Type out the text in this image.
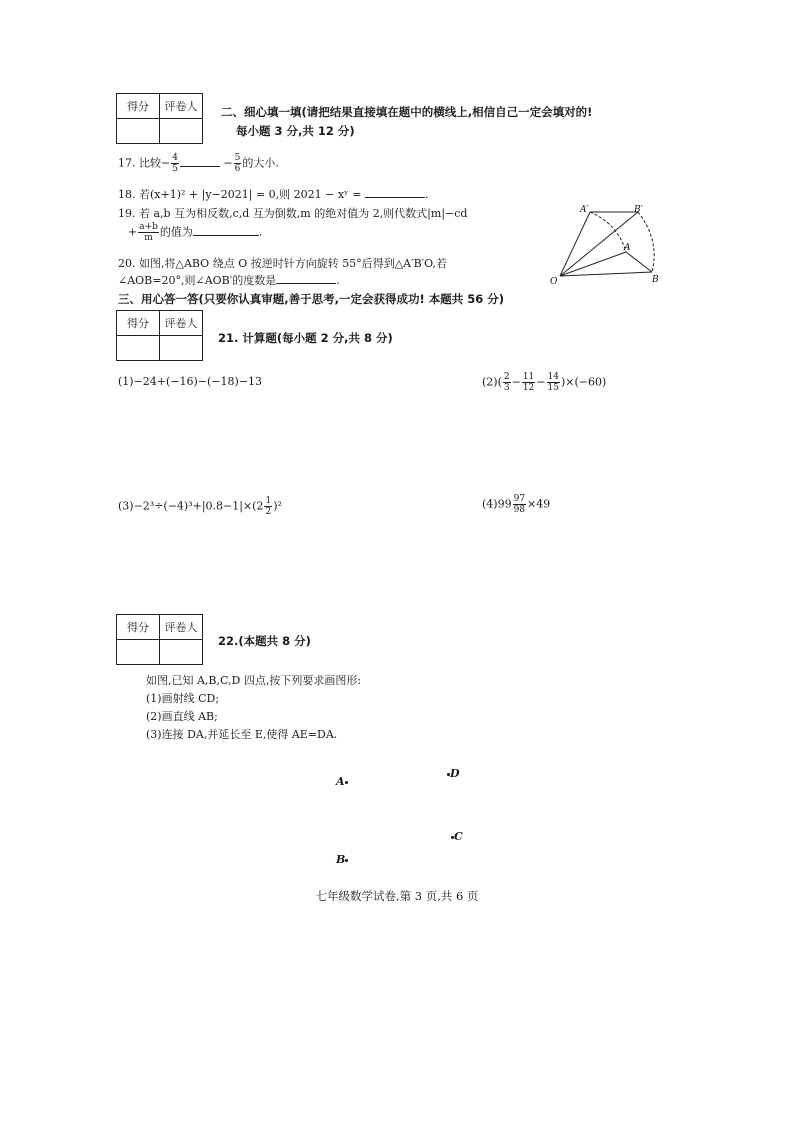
得分	评卷人
	二、细心填一填(请把结果直接填在题中的横线上,相信自己一定会填对的!
每小题 3 分,共 12 分)
17. 比较− $\frac{4}{5}$	− $\frac{5}{6}$ 的大小.
18. 若(x+1)² + |y−2021| = 0,则 2021 − xʸ =	.
19. 若 a,b 互为相反数,c,d 互为倒数,m 的绝对值为 2,则代数式|m|−cd
+ $\frac{a+b}{m}$ 的值为	.
20. 如图,将△ABO 绕点 O 按逆时针方向旋转 55°后得到△A′B′O,若
∠AOB=20°,则∠AOB′的度数是	.
A′	B′
A
B
O
三、用心答一答(只要你认真审题,善于思考,一定会获得成功! 本题共 56 分)
得分	评卷人

21. 计算题(每小题 2 分,共 8 分)
(1)−24+(−16)−(−18)−13	$(2)( \frac{2}{3} - \frac{11}{12} - \frac{14}{15} )\times(-60)$
$(3)-2^3\div(-4)^3+|0.8-1|\times(2 \frac{1}{2} )^2$	$(4)99 \frac{97}{98} \times 49$
得分	评卷人

22.(本题共 8 分)
如图,已知 A,B,C,D 四点,按下列要求画图形:
(1)画射线 CD;
(2)画直线 AB;
(3)连接 DA,并延长至 E,使得 AE=DA.
A
D
C
B
七年级数学试卷,第 3 页,共 6 页
